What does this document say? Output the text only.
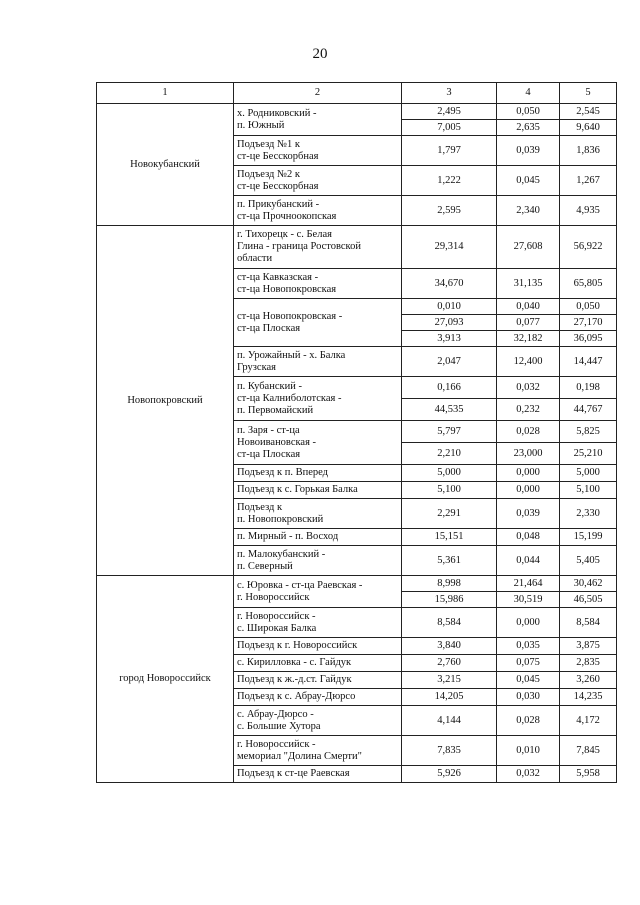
20
1	2	3	4	5
Новокубанский	х. Родниковский -
п. Южный	2,495	0,050	2,545
		7,005	2,635	9,640
	Подъезд №1 к
ст-це Бесскорбная	1,797	0,039	1,836
	Подъезд №2 к
ст-це Бесскорбная	1,222	0,045	1,267
	п. Прикубанский -
ст-ца Прочноокопская	2,595	2,340	4,935
Новопокровский	г. Тихорецк - с. Белая
Глина - граница Ростовской
области	29,314	27,608	56,922
	ст-ца Кавказская -
ст-ца Новопокровская	34,670	31,135	65,805
	ст-ца Новопокровская -
ст-ца Плоская	0,010	0,040	0,050
		27,093	0,077	27,170
		3,913	32,182	36,095
	п. Урожайный - х. Балка
Грузская	2,047	12,400	14,447
	п. Кубанский -
ст-ца Калниболотская -
п. Первомайский	0,166	0,032	0,198
		44,535	0,232	44,767
	п. Заря - ст-ца
Новоивановская -
ст-ца Плоская	5,797	0,028	5,825
		2,210	23,000	25,210
	Подъезд к п. Вперед	5,000	0,000	5,000
	Подъезд к с. Горькая Балка	5,100	0,000	5,100
	Подъезд к
п. Новопокровский	2,291	0,039	2,330
	п. Мирный - п. Восход	15,151	0,048	15,199
	п. Малокубанский -
п. Северный	5,361	0,044	5,405
город Новороссийск	с. Юровка - ст-ца Раевская -
г. Новороссийск	8,998	21,464	30,462
		15,986	30,519	46,505
	г. Новороссийск -
с. Широкая Балка	8,584	0,000	8,584
	Подъезд к г. Новороссийск	3,840	0,035	3,875
	с. Кирилловка - с. Гайдук	2,760	0,075	2,835
	Подъезд к ж.-д.ст. Гайдук	3,215	0,045	3,260
	Подъезд к с. Абрау-Дюрсо	14,205	0,030	14,235
	с. Абрау-Дюрсо -
с. Большие Хутора	4,144	0,028	4,172
	г. Новороссийск -
мемориал "Долина Смерти"	7,835	0,010	7,845
	Подъезд к ст-це Раевская	5,926	0,032	5,958
